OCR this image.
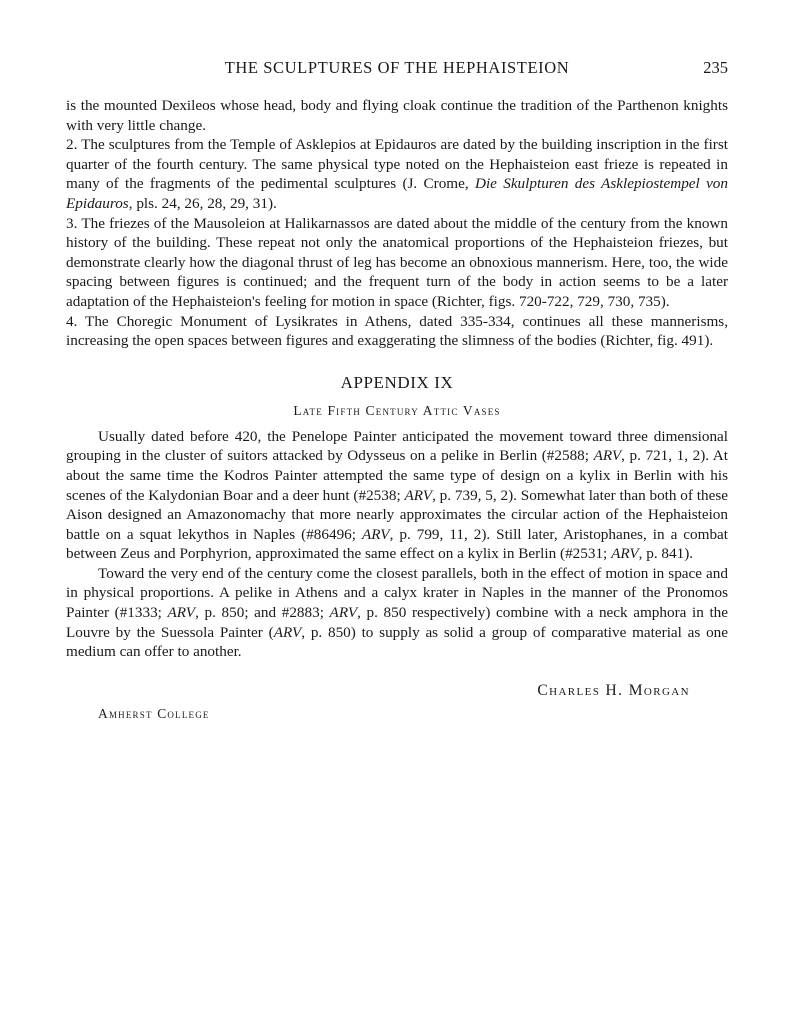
THE SCULPTURES OF THE HEPHAISTEION	235

is the mounted Dexileos whose head, body and flying cloak continue the tradition of the Parthenon knights with very little change.

2. The sculptures from the Temple of Asklepios at Epidauros are dated by the building inscription in the first quarter of the fourth century. The same physical type noted on the Hephaisteion east frieze is repeated in many of the fragments of the pedimental sculptures (J. Crome, Die Skulpturen des Asklepiostempel von Epidauros, pls. 24, 26, 28, 29, 31).

3. The friezes of the Mausoleion at Halikarnassos are dated about the middle of the century from the known history of the building. These repeat not only the anatomical proportions of the Hephaisteion friezes, but demonstrate clearly how the diagonal thrust of leg has become an obnoxious mannerism. Here, too, the wide spacing between figures is continued; and the frequent turn of the body in action seems to be a later adaptation of the Hephaisteion's feeling for motion in space (Richter, figs. 720-722, 729, 730, 735).

4. The Choregic Monument of Lysikrates in Athens, dated 335-334, continues all these mannerisms, increasing the open spaces between figures and exaggerating the slimness of the bodies (Richter, fig. 491).

APPENDIX IX
Late Fifth Century Attic Vases

Usually dated before 420, the Penelope Painter anticipated the movement toward three dimensional grouping in the cluster of suitors attacked by Odysseus on a pelike in Berlin (#2588; ARV, p. 721, 1, 2). At about the same time the Kodros Painter attempted the same type of design on a kylix in Berlin with his scenes of the Kalydonian Boar and a deer hunt (#2538; ARV, p. 739, 5, 2). Somewhat later than both of these Aison designed an Amazonomachy that more nearly approximates the circular action of the Hephaisteion battle on a squat lekythos in Naples (#86496; ARV, p. 799, 11, 2). Still later, Aristophanes, in a combat between Zeus and Porphyrion, approximated the same effect on a kylix in Berlin (#2531; ARV, p. 841).

Toward the very end of the century come the closest parallels, both in the effect of motion in space and in physical proportions. A pelike in Athens and a calyx krater in Naples in the manner of the Pronomos Painter (#1333; ARV, p. 850; and #2883; ARV, p. 850 respectively) combine with a neck amphora in the Louvre by the Suessola Painter (ARV, p. 850) to supply as solid a group of comparative material as one medium can offer to another.

Charles H. Morgan
Amherst College
